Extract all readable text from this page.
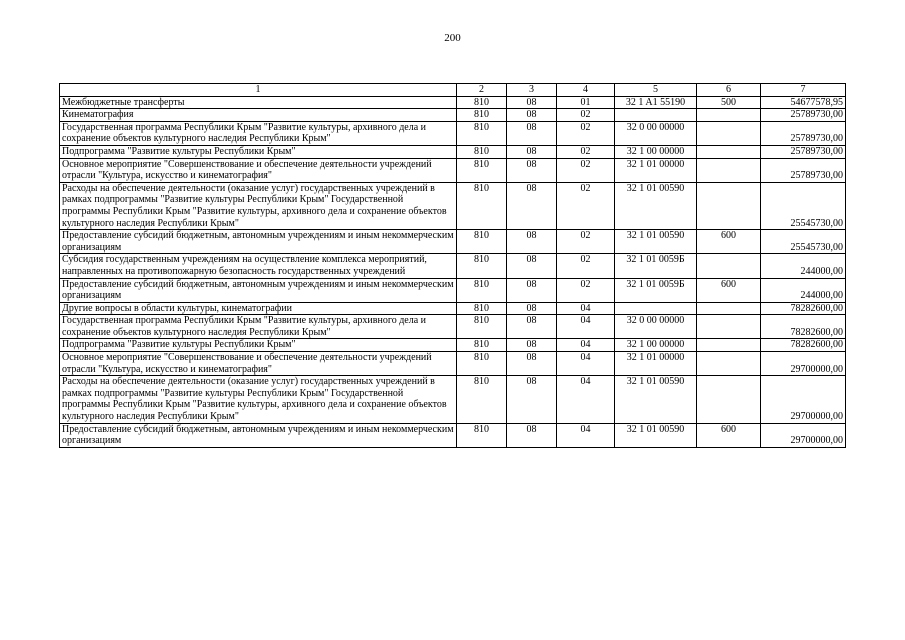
200
1	2	3	4	5	6	7
Межбюджетные трансферты	810	08	01	32 1 A1 55190	500	54677578,95
Кинематография	810	08	02			25789730,00
Государственная программа Республики Крым "Развитие культуры, архивного дела и сохранение объектов культурного наследия Республики Крым"	810	08	02	32 0 00 00000		25789730,00
Подпрограмма "Развитие культуры Республики Крым"	810	08	02	32 1 00 00000		25789730,00
Основное мероприятие "Совершенствование и обеспечение деятельности учреждений отрасли "Культура, искусство и кинематография"	810	08	02	32 1 01 00000		25789730,00
Расходы на обеспечение деятельности (оказание услуг) государственных учреждений в рамках подпрограммы "Развитие культуры Республики Крым" Государственной программы Республики Крым "Развитие культуры, архивного дела и сохранение объектов культурного наследия Республики Крым"	810	08	02	32 1 01 00590		25545730,00
Предоставление субсидий бюджетным, автономным учреждениям и иным некоммерческим организациям	810	08	02	32 1 01 00590	600	25545730,00
Субсидия государственным учреждениям на осуществление комплекса мероприятий, направленных на противопожарную безопасность государственных учреждений	810	08	02	32 1 01 0059Б		244000,00
Предоставление субсидий бюджетным, автономным учреждениям и иным некоммерческим организациям	810	08	02	32 1 01 0059Б	600	244000,00
Другие вопросы в области культуры, кинематографии	810	08	04			78282600,00
Государственная программа Республики Крым "Развитие культуры, архивного дела и сохранение объектов культурного наследия Республики Крым"	810	08	04	32 0 00 00000		78282600,00
Подпрограмма "Развитие культуры Республики Крым"	810	08	04	32 1 00 00000		78282600,00
Основное мероприятие "Совершенствование и обеспечение деятельности учреждений отрасли "Культура, искусство и кинематография"	810	08	04	32 1 01 00000		29700000,00
Расходы на обеспечение деятельности (оказание услуг) государственных учреждений в рамках подпрограммы "Развитие культуры Республики Крым" Государственной программы Республики Крым "Развитие культуры, архивного дела и сохранение объектов культурного наследия Республики Крым"	810	08	04	32 1 01 00590		29700000,00
Предоставление субсидий бюджетным, автономным учреждениям и иным некоммерческим организациям	810	08	04	32 1 01 00590	600	29700000,00
